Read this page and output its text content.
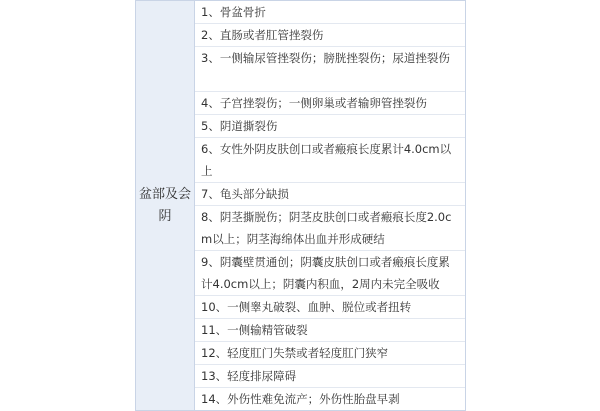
盆部及会阴	
1、骨盆骨折
2、直肠或者肛管挫裂伤
3、一侧输尿管挫裂伤；膀胱挫裂伤；尿道挫裂伤
4、子宫挫裂伤；一侧卵巢或者输卵管挫裂伤
5、阴道撕裂伤
6、女性外阴皮肤创口或者瘢痕长度累计4.0cm以上
7、龟头部分缺损
8、阴茎撕脱伤；阴茎皮肤创口或者瘢痕长度2.0cm以上；阴茎海绵体出血并形成硬结
9、阴囊壁贯通创；阴囊皮肤创口或者瘢痕长度累计4.0cm以上；阴囊内积血，2周内未完全吸收
10、一侧睾丸破裂、血肿、脱位或者扭转
11、一侧输精管破裂
12、轻度肛门失禁或者轻度肛门狭窄
13、轻度排尿障碍
14、外伤性难免流产；外伤性胎盘早剥
